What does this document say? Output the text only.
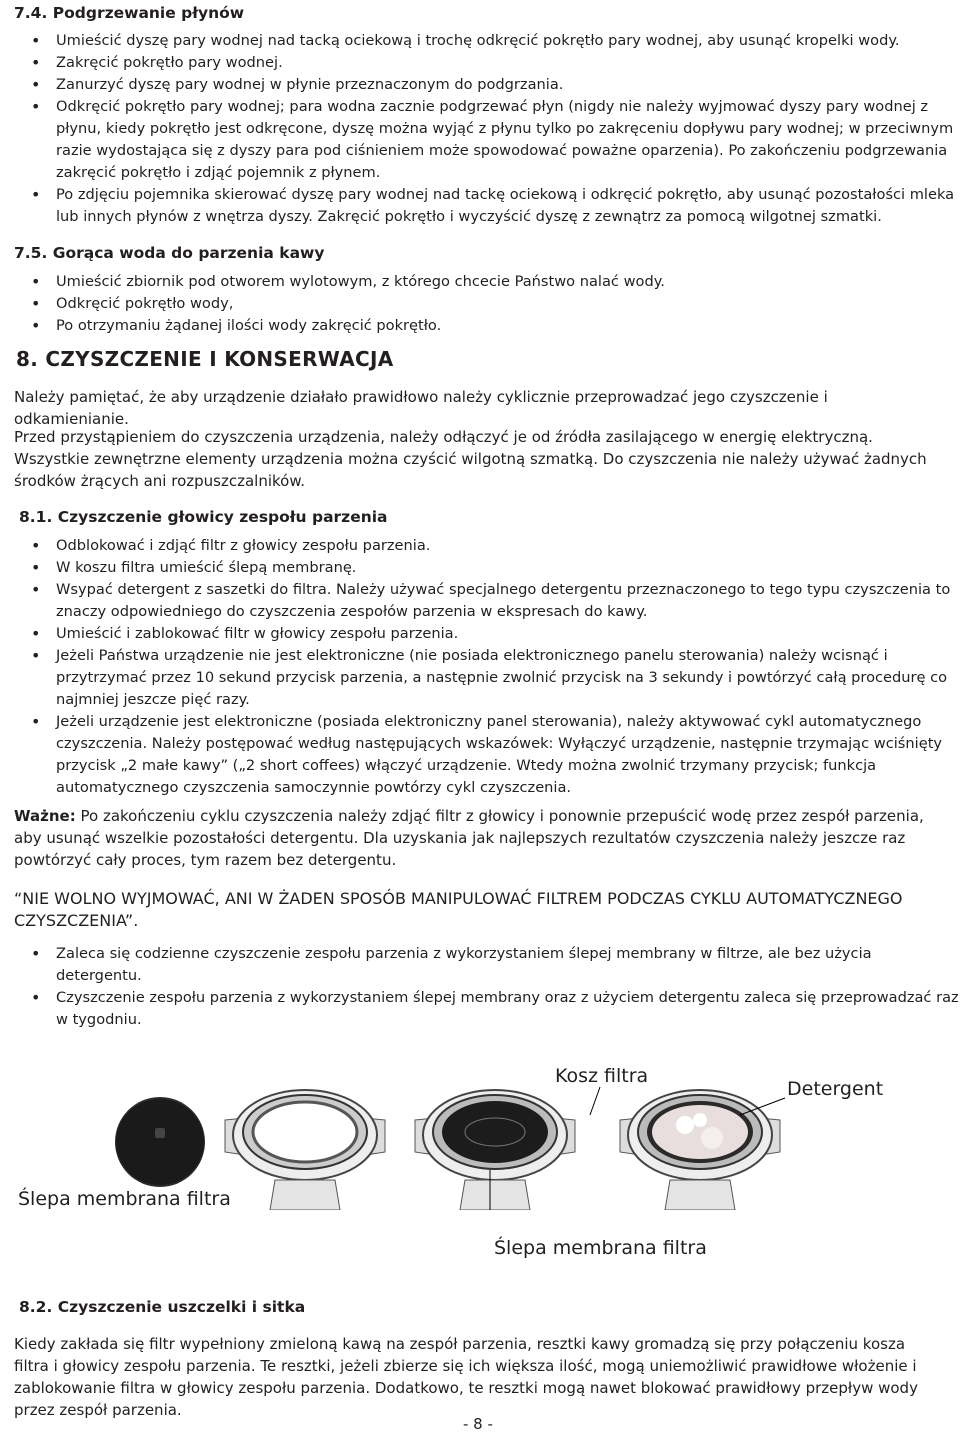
7.4. Podgrzewanie płynów
• Umieścić dyszę pary wodnej nad tacką ociekową i trochę odkręcić pokrętło pary wodnej, aby usunąć kropelki wody.
• Zakręcić pokrętło pary wodnej.
• Zanurzyć dyszę pary wodnej w płynie przeznaczonym do podgrzania.
• Odkręcić pokrętło pary wodnej; para wodna zacznie podgrzewać płyn (nigdy nie należy wyjmować dyszy pary wodnej z płynu, kiedy pokrętło jest odkręcone, dyszę można wyjąć z płynu tylko po zakręceniu dopływu pary wodnej; w przeciwnym razie wydostająca się z dyszy para pod ciśnieniem może spowodować poważne oparzenia). Po zakończeniu podgrzewania zakręcić pokrętło i zdjąć pojemnik z płynem.
• Po zdjęciu pojemnika skierować dyszę pary wodnej nad tackę ociekową i odkręcić pokrętło, aby usunąć pozostałości mleka lub innych płynów z wnętrza dyszy. Zakręcić pokrętło i wyczyścić dyszę z zewnątrz za pomocą wilgotnej szmatki.
7.5. Gorąca woda do parzenia kawy
• Umieścić zbiornik pod otworem wylotowym, z którego chcecie Państwo nalać wody.
• Odkręcić pokrętło wody,
• Po otrzymaniu żądanej ilości wody zakręcić pokrętło.
8. CZYSZCZENIE I KONSERWACJA
Należy pamiętać, że aby urządzenie działało prawidłowo należy cyklicznie przeprowadzać jego czyszczenie i odkamienianie.
Przed przystąpieniem do czyszczenia urządzenia, należy odłączyć je od źródła zasilającego w energię elektryczną. Wszystkie zewnętrzne elementy urządzenia można czyścić wilgotną szmatką. Do czyszczenia nie należy używać żadnych środków żrących ani rozpuszczalników.
8.1. Czyszczenie głowicy zespołu parzenia
• Odblokować i zdjąć filtr z głowicy zespołu parzenia.
• W koszu filtra umieścić ślepą membranę.
• Wsypać detergent z saszetki do filtra. Należy używać specjalnego detergentu przeznaczonego to tego typu czyszczenia to znaczy odpowiedniego do czyszczenia zespołów parzenia w ekspresach do kawy.
• Umieścić i zablokować filtr w głowicy zespołu parzenia.
• Jeżeli Państwa urządzenie nie jest elektroniczne (nie posiada elektronicznego panelu sterowania) należy wcisnąć i przytrzymać przez 10 sekund przycisk parzenia, a następnie zwolnić przycisk na 3 sekundy i powtórzyć całą procedurę co najmniej jeszcze pięć razy.
• Jeżeli urządzenie jest elektroniczne (posiada elektroniczny panel sterowania), należy aktywować cykl automatycznego czyszczenia. Należy postępować według następujących wskazówek: Wyłączyć urządzenie, następnie trzymając wciśnięty przycisk „2 małe kawy” („2 short coffees) włączyć urządzenie. Wtedy można zwolnić trzymany przycisk; funkcja automatycznego czyszczenia samoczynnie powtórzy cykl czyszczenia.
Ważne: Po zakończeniu cyklu czyszczenia należy zdjąć filtr z głowicy i ponownie przepuścić wodę przez zespół parzenia, aby usunąć wszelkie pozostałości detergentu. Dla uzyskania jak najlepszych rezultatów czyszczenia należy jeszcze raz powtórzyć cały proces, tym razem bez detergentu.
“NIE WOLNO WYJMOWAĆ, ANI W ŻADEN SPOSÓB MANIPULOWAĆ FILTREM PODCZAS CYKLU AUTOMATYCZNEGO CZYSZCZENIA”.
• Zaleca się codzienne czyszczenie zespołu parzenia z wykorzystaniem ślepej membrany w filtrze, ale bez użycia detergentu.
• Czyszczenie zespołu parzenia z wykorzystaniem ślepej membrany oraz z użyciem detergentu zaleca się przeprowadzać raz w tygodniu.
Kosz filtra
Detergent
Ślepa membrana filtra
Ślepa membrana filtra
8.2. Czyszczenie uszczelki i sitka
Kiedy zakłada się filtr wypełniony zmieloną kawą na zespół parzenia, resztki kawy gromadzą się przy połączeniu kosza filtra i głowicy zespołu parzenia. Te resztki, jeżeli zbierze się ich większa ilość, mogą uniemożliwić prawidłowe włożenie i zablokowanie filtra w głowicy zespołu parzenia. Dodatkowo, te resztki mogą nawet blokować prawidłowy przepływ wody przez zespół parzenia.
- 8 -
